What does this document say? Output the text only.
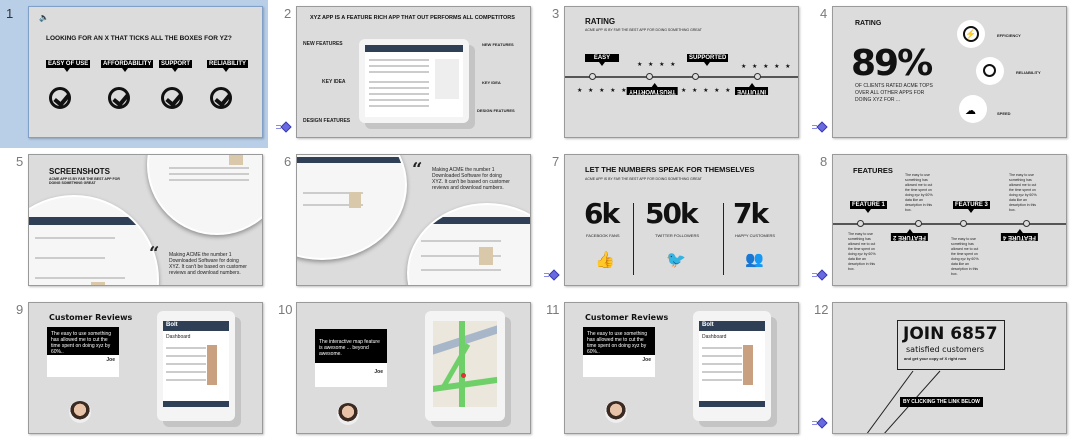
1	🔈
LOOKING FOR AN X THAT TICKS ALL THE BOXES FOR YZ?
EASY OF USE	AFFORDABILITY	SUPPORT	RELIABILITY
2	XYZ APP IS A FEATURE RICH APP THAT OUT PERFORMS ALL COMPETITORS
NEW FEATURES
KEY IDEA
DESIGN FEATURES
NEW FEATURES
KEY IDEA
DESIGN FEATURES
3
RATING
ACME APP IS BY FAR THE BEST APP FOR DOING SOMETHING GREAT
EASY	SUPPORTED
TRUSTWORTHY	INTUITIVE
★ ★ ★ ★	★ ★ ★ ★ ★
★ ★ ★ ★ ★	★ ★ ★ ★ ★
4
RATING
89%
OF CLIENTS RATED ACME TOPS OVER ALL OTHER APPS FOR DOING XYZ FOR ...
⚡	EFFICIENCY
RELIABILITY
☁	SPEED
5
SCREENSHOTS
ACME APP IS BY FAR THE BEST APP FOR DOING SOMETHING GREAT
“ Making ACME the number 1 Downloaded Software for doing XYZ. It can't be based on customer reviews and download numbers.
6	“ Making ACME the number 1 Downloaded Software for doing XYZ. It can't be based on customer reviews and download numbers.
7
LET THE NUMBERS SPEAK FOR THEMSELVES
ACME APP IS BY FAR THE BEST APP FOR DOING SOMETHING GREAT
6k
FACEBOOK FANS
👍
50k
TWITTER FOLLOWERS
🐦
7k
HAPPY CUSTOMERS
👥
8
FEATURES
FEATURE 1
FEATURE 2
FEATURE 3
FEATURE 4
The easy to use something has allowed me to cut the time spent on doing xyz by 60%. data like an description in this box.
The easy to use something has allowed me to cut the time spent on doing xyz by 60%. data like an description in this box.
The easy to use something has allowed me to cut the time spent on doing xyz by 60%. data like an description in this box.
The easy to use something has allowed me to cut the time spent on doing xyz by 60%. data like an description in this box.
9
Customer Reviews
The easy to use something has allowed me to cut the time spent on doing xyz by 60%..
Joe
Bolt
Dashboard
10
The interactive map feature is awesome ... beyond awesome.
Joe
11
Customer Reviews
The easy to use something has allowed me to cut the time spent on doing xyz by 60%..
Joe
Bolt
Dashboard
12
JOIN 6857
satisfied customers
and get your copy of X right now
BY CLICKING THE LINK BELOW
